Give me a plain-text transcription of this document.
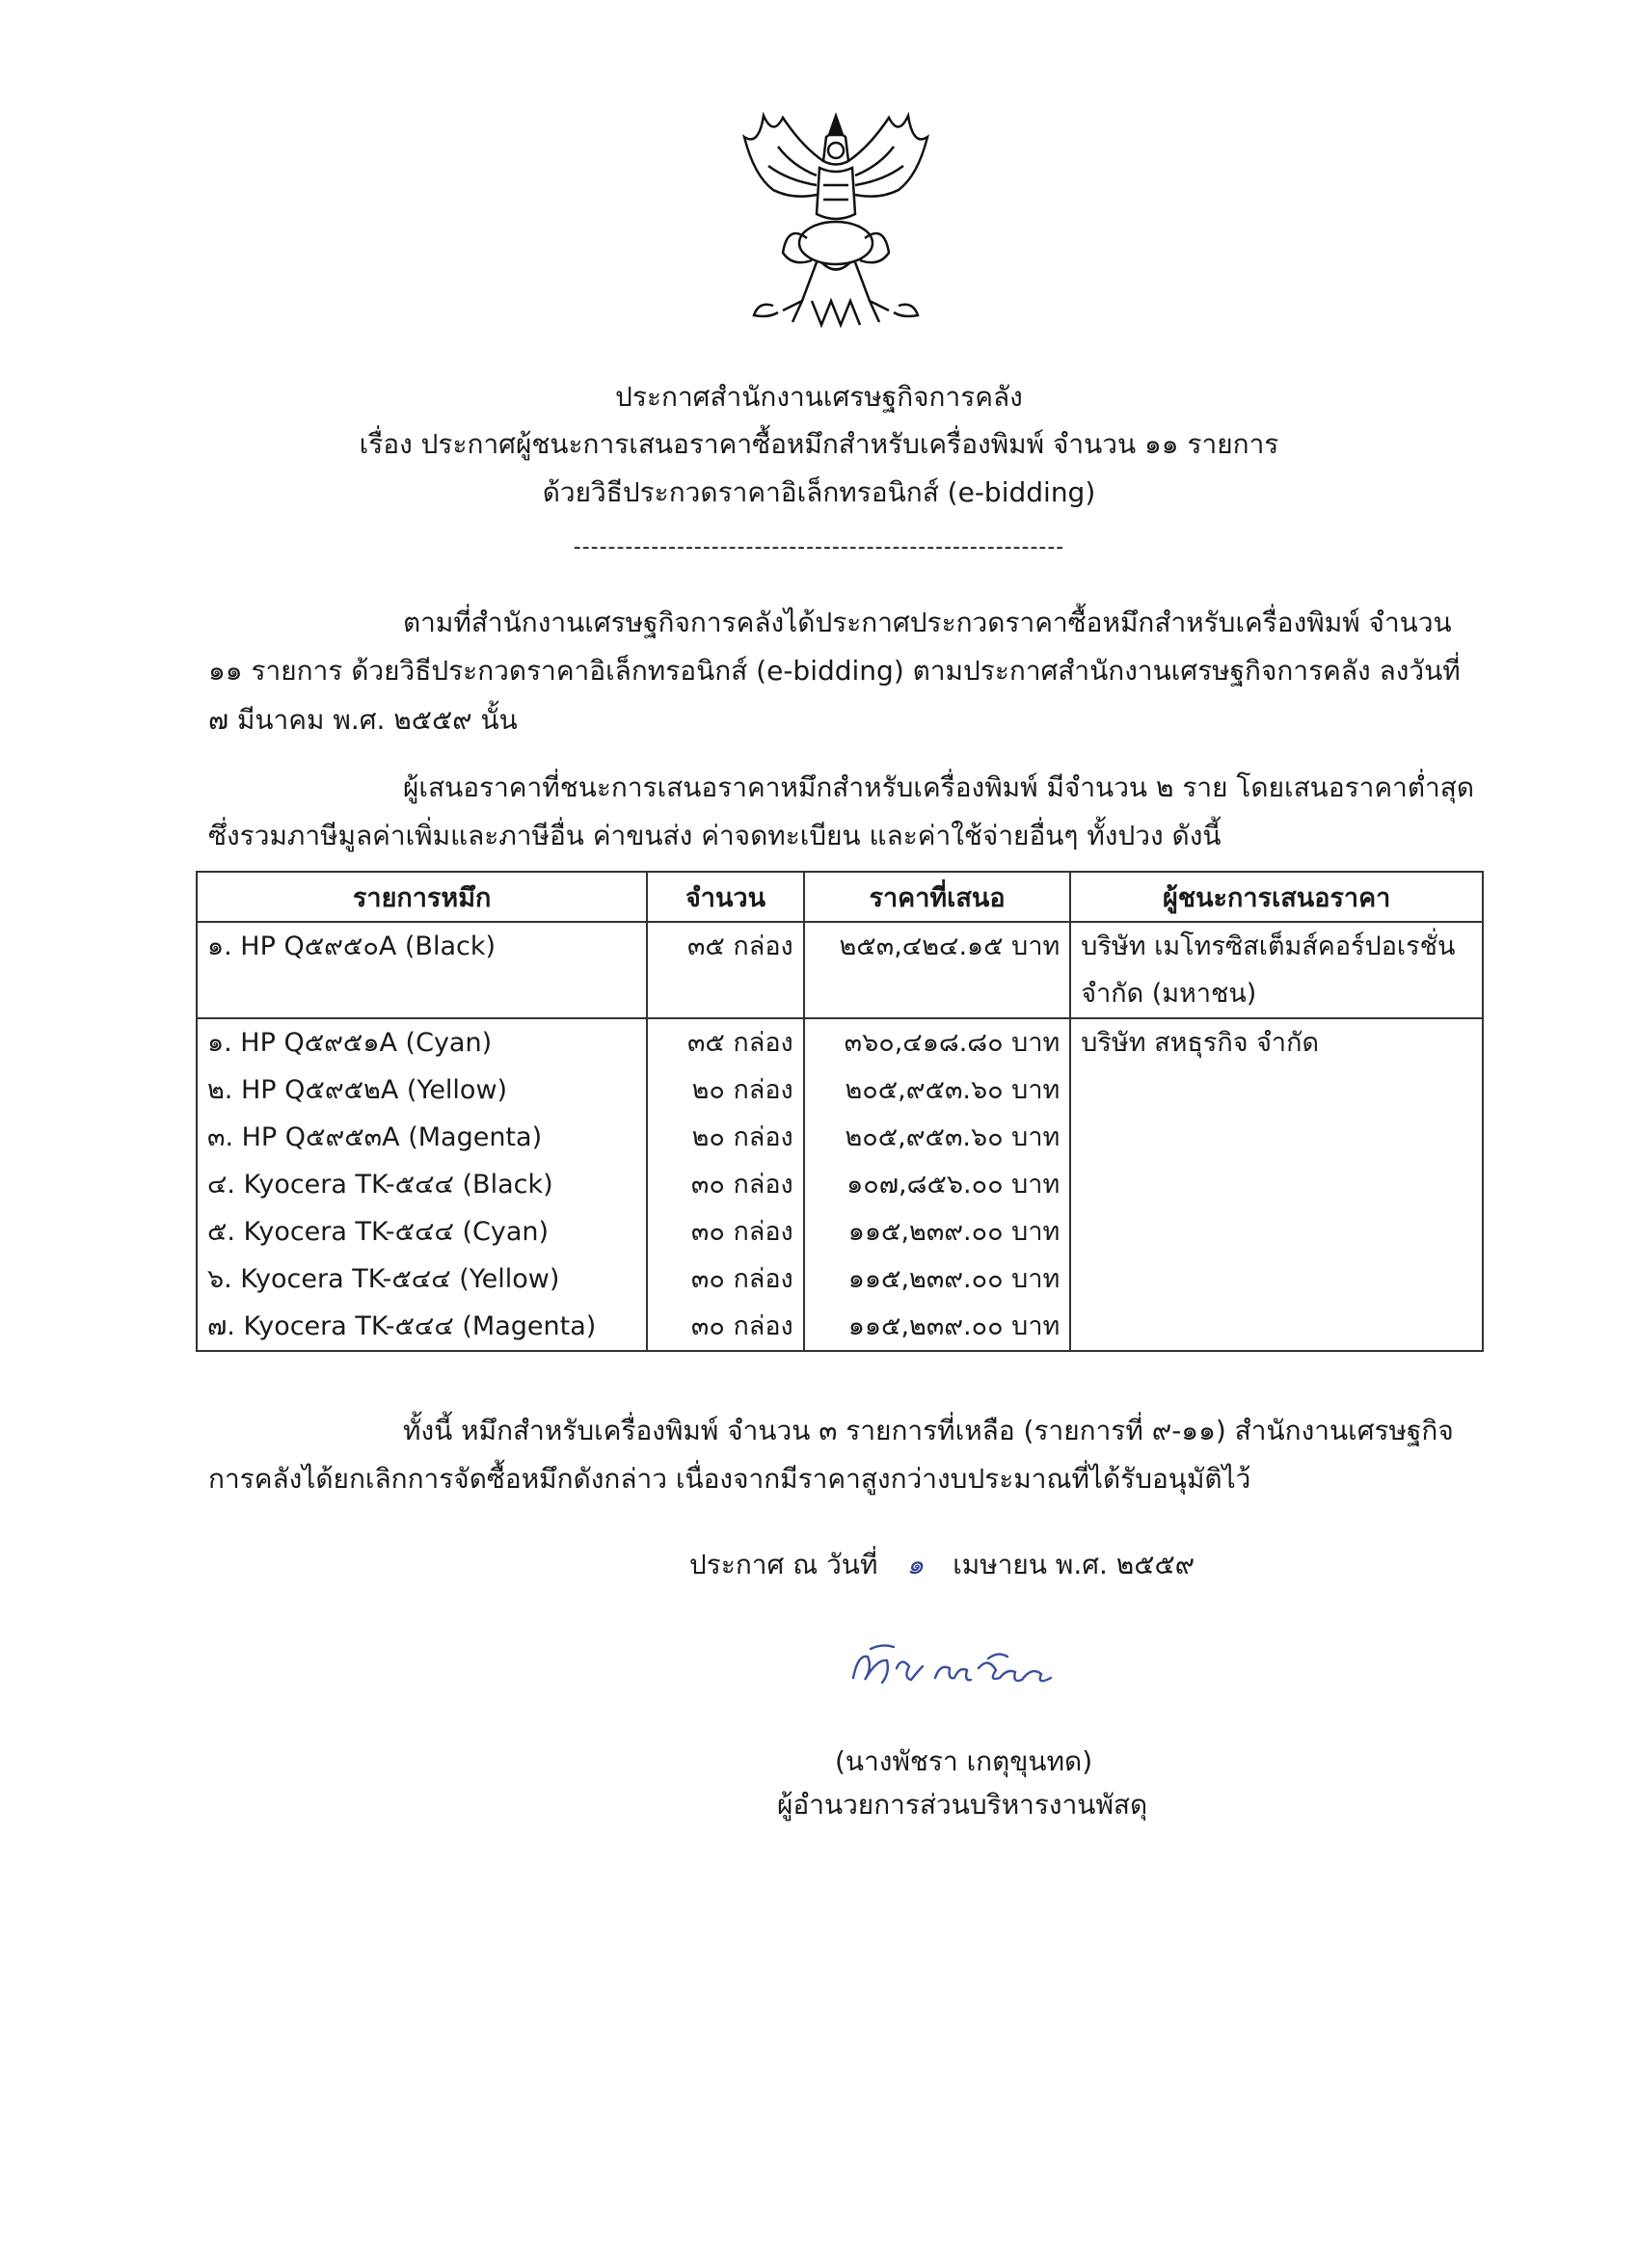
ประกาศสำนักงานเศรษฐกิจการคลัง
เรื่อง ประกาศผู้ชนะการเสนอราคาซื้อหมึกสำหรับเครื่องพิมพ์ จำนวน ๑๑ รายการ
ด้วยวิธีประกวดราคาอิเล็กทรอนิกส์ (e-bidding)
---------------------------------------------------------
ตามที่สำนักงานเศรษฐกิจการคลังได้ประกาศประกวดราคาซื้อหมึกสำหรับเครื่องพิมพ์ จำนวน
๑๑ รายการ ด้วยวิธีประกวดราคาอิเล็กทรอนิกส์ (e-bidding) ตามประกาศสำนักงานเศรษฐกิจการคลัง ลงวันที่
๗ มีนาคม พ.ศ. ๒๕๕๙ นั้น
ผู้เสนอราคาที่ชนะการเสนอราคาหมึกสำหรับเครื่องพิมพ์ มีจำนวน ๒ ราย โดยเสนอราคาต่ำสุด
ซึ่งรวมภาษีมูลค่าเพิ่มและภาษีอื่น ค่าขนส่ง ค่าจดทะเบียน และค่าใช้จ่ายอื่นๆ ทั้งปวง ดังนี้
รายการหมึก	จำนวน	ราคาที่เสนอ	ผู้ชนะการเสนอราคา
๑. HP Q๕๙๕๐A (Black)	๓๕ กล่อง	๒๕๓,๔๒๔.๑๕ บาท	บริษัท เมโทรซิสเต็มส์คอร์ปอเรชั่น
			จำกัด (มหาชน)
๑. HP Q๕๙๕๑A (Cyan)	๓๕ กล่อง	๓๖๐,๔๑๘.๘๐ บาท	บริษัท สหธุรกิจ จำกัด
๒. HP Q๕๙๕๒A (Yellow)	๒๐ กล่อง	๒๐๕,๙๕๓.๖๐ บาท	
๓. HP Q๕๙๕๓A (Magenta)	๒๐ กล่อง	๒๐๕,๙๕๓.๖๐ บาท	
๔. Kyocera TK-๕๔๔ (Black)	๓๐ กล่อง	๑๐๗,๘๕๖.๐๐ บาท	
๕. Kyocera TK-๕๔๔ (Cyan)	๓๐ กล่อง	๑๑๕,๒๓๙.๐๐ บาท	
๖. Kyocera TK-๕๔๔ (Yellow)	๓๐ กล่อง	๑๑๕,๒๓๙.๐๐ บาท	
๗. Kyocera TK-๕๔๔ (Magenta)	๓๐ กล่อง	๑๑๕,๒๓๙.๐๐ บาท	
ทั้งนี้ หมึกสำหรับเครื่องพิมพ์ จำนวน ๓ รายการที่เหลือ (รายการที่ ๙-๑๑) สำนักงานเศรษฐกิจ
การคลังได้ยกเลิกการจัดซื้อหมึกดังกล่าว เนื่องจากมีราคาสูงกว่างบประมาณที่ได้รับอนุมัติไว้
ประกาศ ณ วันที่ ๑ เมษายน พ.ศ. ๒๕๕๙
(นางพัชรา เกตุขุนทด)
ผู้อำนวยการส่วนบริหารงานพัสดุ
